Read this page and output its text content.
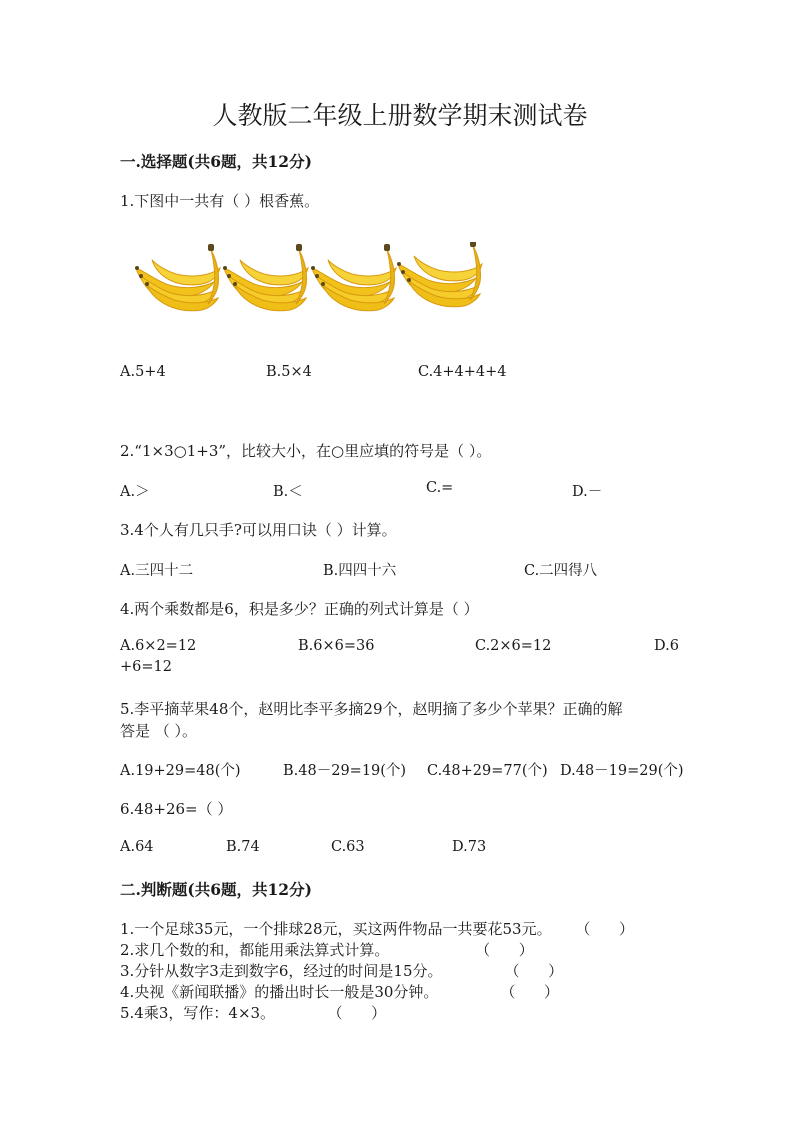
人教版二年级上册数学期末测试卷
一.选择题(共6题，共12分)
1.下图中一共有（ ）根香蕉。
A.5+4	B.5×4	C.4+4+4+4
2.“1×3○1+3”，比较大小，在○里应填的符号是（ ）。
A.＞	B.＜	C.=	D.－
3.4个人有几只手?可以用口诀（ ）计算。
A.三四十二	B.四四十六	C.二四得八
4.两个乘数都是6，积是多少？正确的列式计算是（ ）
A.6×2=12	B.6×6=36	C.2×6=12	D.6
+6=12
5.李平摘苹果48个，赵明比李平多摘29个，赵明摘了多少个苹果？正确的解
答是 （ ）。
A.19+29=48(个)	B.48－29=19(个) C.48+29=77(个) D.48－19=29(个)
6.48+26=（ ）
A.64	B.74	C.63	D.73
二.判断题(共6题，共12分)
1.一个足球35元，一个排球28元，买这两件物品一共要花53元。     （      ）
2.求几个数的和，都能用乘法算式计算。                  （      ）
3.分针从数字3走到数字6，经过的时间是15分。             （      ）
4.央视《新闻联播》的播出时长一般是30分钟。             （      ）
5.4乘3，写作：4×3。           （      ）
